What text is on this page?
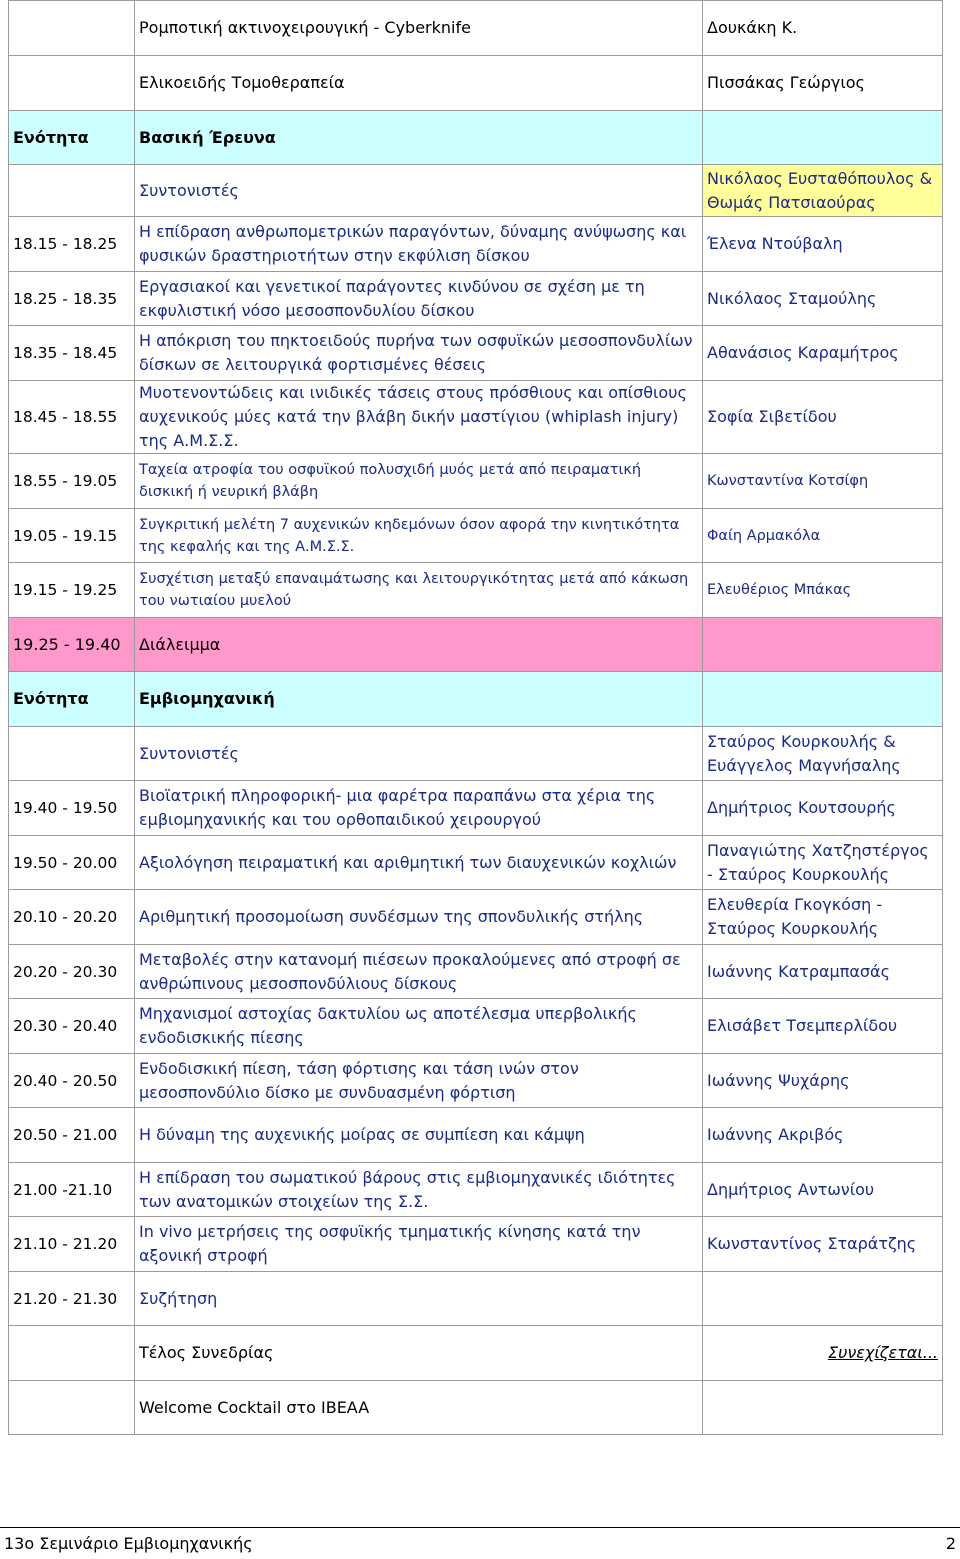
	Ρομποτική ακτινοχειρουγική - Cyberknife	Δουκάκη Κ.
	Ελικοειδής Τομοθεραπεία	Πισσάκας Γεώργιος
Ενότητα	Βασική Έρευνα	
	Συντονιστές	Νικόλαος Ευσταθόπουλος & Θωμάς Πατσιαούρας
18.15 - 18.25	Η επίδραση ανθρωπομετρικών παραγόντων, δύναμης ανύψωσης και φυσικών δραστηριοτήτων στην εκφύλιση δίσκου	Έλενα Ντούβαλη
18.25 - 18.35	Εργασιακοί και γενετικοί παράγοντες κινδύνου σε σχέση με τη εκφυλιστική νόσο μεσοσπονδυλίου δίσκου	Νικόλαος Σταμούλης
18.35 - 18.45	Η απόκριση του πηκτοειδούς πυρήνα των οσφυϊκών μεσοσπονδυλίων δίσκων σε λειτουργικά φορτισμένες θέσεις	Αθανάσιος Καραμήτρος
18.45 - 18.55	Μυοτενοντώδεις και ινιδικές τάσεις στους πρόσθιους και οπίσθιους αυχενικούς μύες κατά την βλάβη δικήν μαστίγιου (whiplash injury) της Α.Μ.Σ.Σ.	Σοφία Σιβετίδου
18.55 - 19.05	Ταχεία ατροφία του οσφυϊκού πολυσχιδή μυός μετά από πειραματική δισκική ή νευρική βλάβη	Κωνσταντίνα Κοτσίφη
19.05 - 19.15	Συγκριτική μελέτη 7 αυχενικών κηδεμόνων όσον αφορά την κινητικότητα της κεφαλής και της Α.Μ.Σ.Σ.	Φαίη Αρμακόλα
19.15 - 19.25	Συσχέτιση μεταξύ επαναιμάτωσης και λειτουργικότητας μετά από κάκωση του νωτιαίου μυελού	Ελευθέριος Μπάκας
19.25 - 19.40	Διάλειμμα	
Ενότητα	Εμβιομηχανική	
	Συντονιστές	Σταύρος Κουρκουλής & Ευάγγελος Μαγνήσαλης
19.40 - 19.50	Βιοϊατρική πληροφορική- μια φαρέτρα παραπάνω στα χέρια της εμβιομηχανικής και του ορθοπαιδικού χειρουργού	Δημήτριος Κουτσουρής
19.50 - 20.00	Αξιολόγηση πειραματική και αριθμητική των διαυχενικών κοχλιών	Παναγιώτης Χατζηστέργος - Σταύρος Κουρκουλής
20.10 - 20.20	Αριθμητική προσομοίωση συνδέσμων της σπονδυλικής στήλης	Ελευθερία Γκογκόση - Σταύρος Κουρκουλής
20.20 - 20.30	Μεταβολές στην κατανομή πιέσεων προκαλούμενες από στροφή σε ανθρώπινους μεσοσπονδύλιους δίσκους	Ιωάννης Κατραμπασάς
20.30 - 20.40	Μηχανισμοί αστοχίας δακτυλίου ως αποτέλεσμα υπερβολικής ενδοδισκικής πίεσης	Ελισάβετ Τσεμπερλίδου
20.40 - 20.50	Ενδοδισκική πίεση, τάση φόρτισης και τάση ινών στον μεσοσπονδύλιο δίσκο με συνδυασμένη φόρτιση	Ιωάννης Ψυχάρης
20.50 - 21.00	Η δύναμη της αυχενικής μοίρας σε συμπίεση και κάμψη	Ιωάννης Ακριβός
21.00 -21.10	Η επίδραση του σωματικού βάρους στις εμβιομηχανικές ιδιότητες των ανατομικών στοιχείων της Σ.Σ.	Δημήτριος Αντωνίου
21.10 - 21.20	In vivo μετρήσεις της οσφυϊκής τμηματικής κίνησης κατά την αξονική στροφή	Κωνσταντίνος Σταράτζης
21.20 - 21.30	Συζήτηση	
	Τέλος Συνεδρίας	Συνεχίζεται...
	Welcome Cocktail στο IBEAA	
13ο Σεμινάριο Εμβιομηχανικής	2
